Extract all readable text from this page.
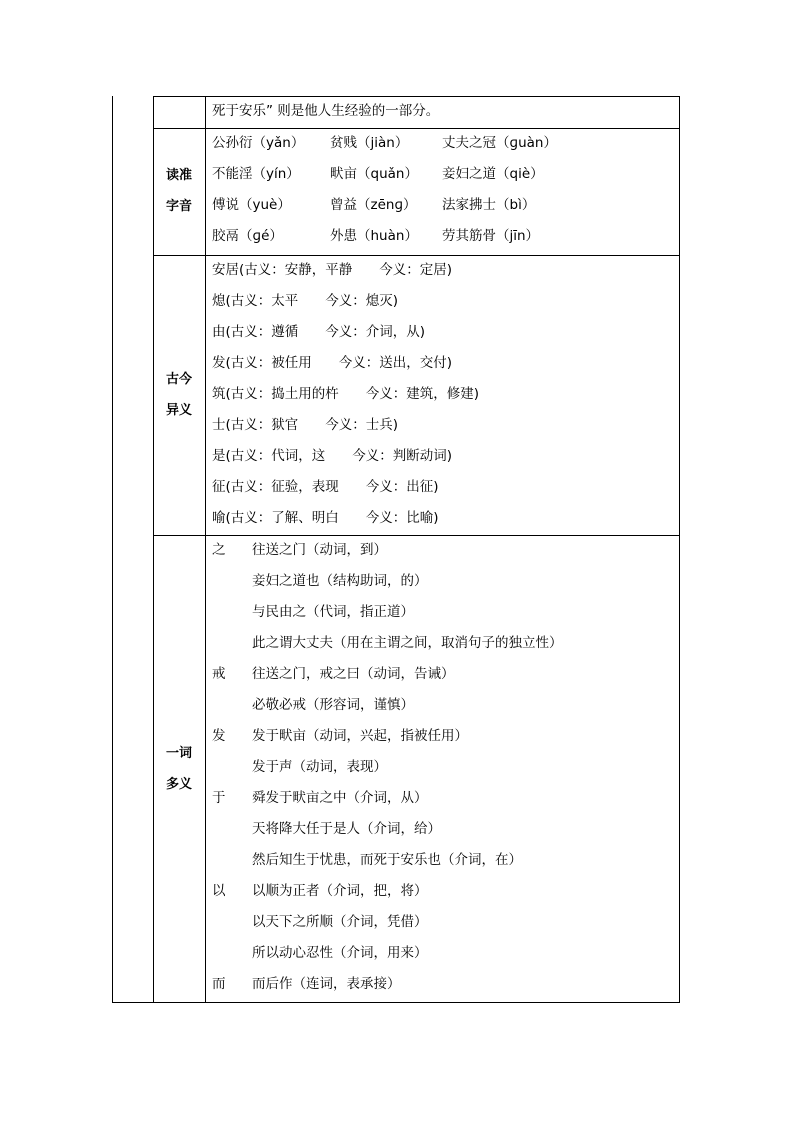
死于安乐” 则是他人生经验的一部分。
读准
字音
公孙衍（yǎn） 贫贱（jiàn） 丈夫之冠（ɡuàn）
不能淫（yín） 畎亩（quǎn） 妾妇之道（qiè）
傅说（yuè）	曾益（zēnɡ） 法家拂士（bì）
胶鬲（ɡé）	外患（huàn） 劳其筋骨（jīn）
古今
异义
安居(古义：安静，平静　　今义：定居)
熄(古义：太平　　今义：熄灭)
由(古义：遵循　　今义：介词，从)
发(古义：被任用　　今义：送出，交付)
筑(古义：捣土用的杵　　今义：建筑，修建)
士(古义：狱官　　今义：士兵)
是(古义：代词，这　　今义：判断动词)
征(古义：征验，表现　　今义：出征)
喻(古义：了解、明白　　今义：比喻)
一词
多义
之 往送之门（动词，到）
妾妇之道也（结构助词，的）
与民由之（代词，指正道）
此之谓大丈夫（用在主谓之间，取消句子的独立性）
戒 往送之门，戒之曰（动词，告诫）
必敬必戒（形容词，谨慎）
发 发于畎亩（动词，兴起，指被任用）
发于声（动词，表现）
于 舜发于畎亩之中（介词，从）
天将降大任于是人（介词，给）
然后知生于忧患，而死于安乐也（介词，在）
以 以顺为正者（介词，把，将）
以天下之所顺（介词，凭借）
所以动心忍性（介词，用来）
而 而后作（连词，表承接）
